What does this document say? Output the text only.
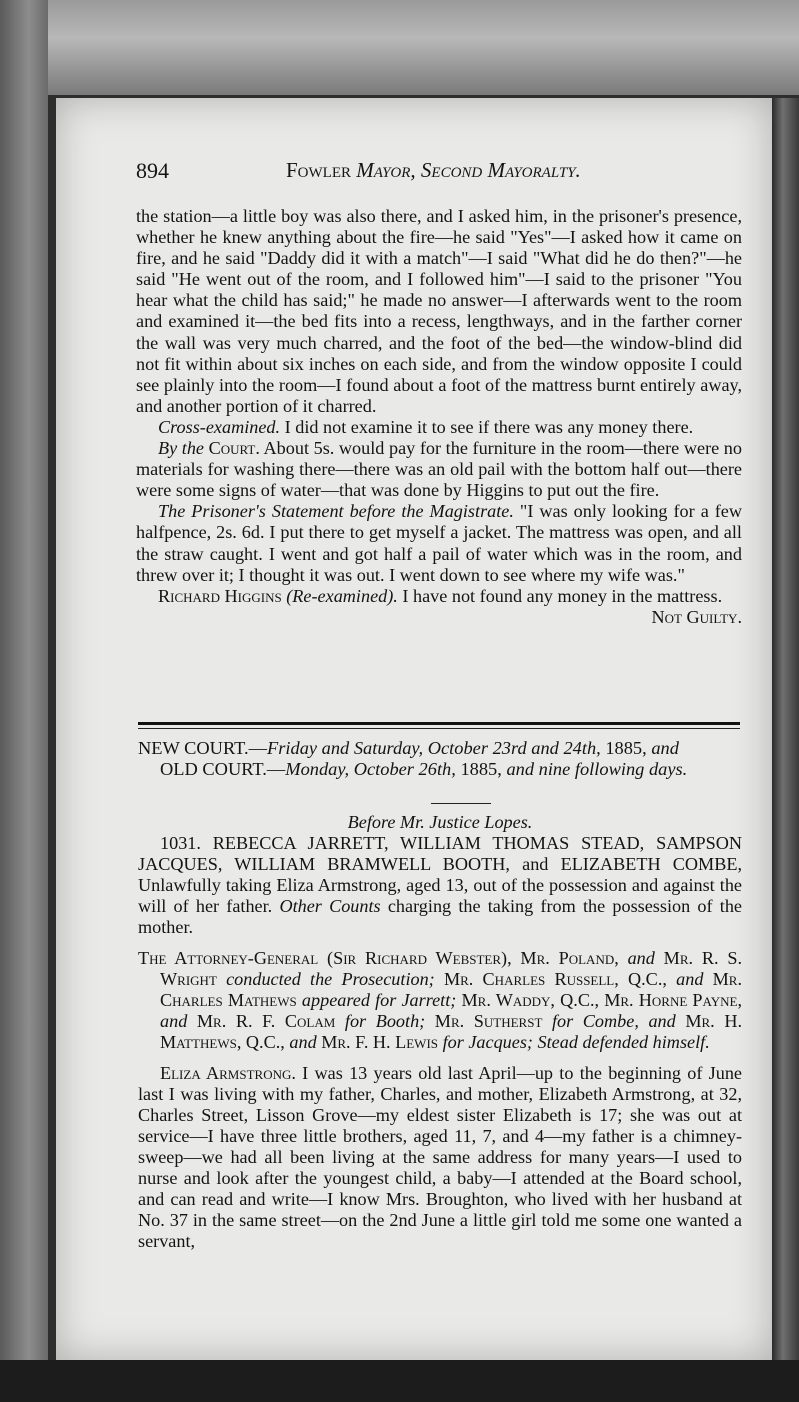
894	Fowler Mayor, Second Mayoralty.

the station—a little boy was also there, and I asked him, in the prisoner's presence, whether he knew anything about the fire—he said "Yes"—I asked how it came on fire, and he said "Daddy did it with a match"—I said "What did he do then?"—he said "He went out of the room, and I followed him"—I said to the prisoner "You hear what the child has said;" he made no answer—I afterwards went to the room and examined it—the bed fits into a recess, lengthways, and in the farther corner the wall was very much charred, and the foot of the bed—the window-blind did not fit within about six inches on each side, and from the window opposite I could see plainly into the room—I found about a foot of the mattress burnt entirely away, and another portion of it charred.

Cross-examined. I did not examine it to see if there was any money there.

By the Court. About 5s. would pay for the furniture in the room—there were no materials for washing there—there was an old pail with the bottom half out—there were some signs of water—that was done by Higgins to put out the fire.

The Prisoner's Statement before the Magistrate. "I was only looking for a few halfpence, 2s. 6d. I put there to get myself a jacket. The mattress was open, and all the straw caught. I went and got half a pail of water which was in the room, and threw over it; I thought it was out. I went down to see where my wife was."

Richard Higgins (Re-examined). I have not found any money in the mattress.

Not Guilty.

NEW COURT.—Friday and Saturday, October 23rd and 24th, 1885, and

OLD COURT.—Monday, October 26th, 1885, and nine following days.

Before Mr. Justice Lopes.

1031. REBECCA JARRETT, WILLIAM THOMAS STEAD, SAMPSON JACQUES, WILLIAM BRAMWELL BOOTH, and ELIZABETH COMBE, Unlawfully taking Eliza Armstrong, aged 13, out of the possession and against the will of her father. Other Counts charging the taking from the possession of the mother.

The Attorney-General (Sir Richard Webster), Mr. Poland, and Mr. R. S. Wright conducted the Prosecution; Mr. Charles Russell, Q.C., and Mr. Charles Mathews appeared for Jarrett; Mr. Waddy, Q.C., Mr. Horne Payne, and Mr. R. F. Colam for Booth; Mr. Sutherst for Combe, and Mr. H. Matthews, Q.C., and Mr. F. H. Lewis for Jacques; Stead defended himself.

Eliza Armstrong. I was 13 years old last April—up to the beginning of June last I was living with my father, Charles, and mother, Elizabeth Armstrong, at 32, Charles Street, Lisson Grove—my eldest sister Elizabeth is 17; she was out at service—I have three little brothers, aged 11, 7, and 4—my father is a chimney-sweep—we had all been living at the same address for many years—I used to nurse and look after the youngest child, a baby—I attended at the Board school, and can read and write—I know Mrs. Broughton, who lived with her husband at No. 37 in the same street—on the 2nd June a little girl told me some one wanted a servant,
